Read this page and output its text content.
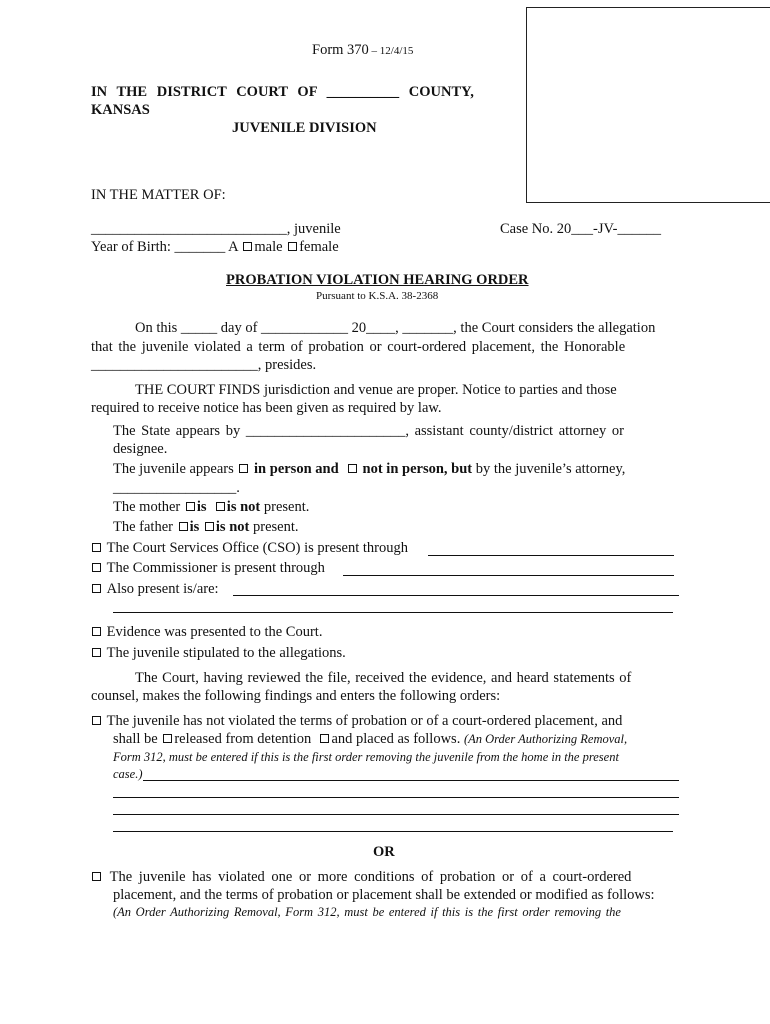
Form 370 – 12/4/15
IN THE DISTRICT COURT OF __________ COUNTY,
KANSAS
JUVENILE DIVISION
IN THE MATTER OF:
___________________________, juvenile	Case No. 20___-JV-______
Year of Birth: _______ A male female
PROBATION VIOLATION HEARING ORDER
Pursuant to K.S.A. 38-2368
On this _____ day of ____________ 20____, _______, the Court considers the allegation
that the juvenile violated a term of probation or court-ordered placement, the Honorable
_______________________, presides.
THE COURT FINDS jurisdiction and venue are proper. Notice to parties and those
required to receive notice has been given as required by law.
The State appears by ______________________, assistant county/district attorney or
designee.
The juvenile appears in person and not in person, but by the juvenile’s attorney,
_________________.
The mother is is not present.
The father is is not present.
The Court Services Office (CSO) is present through
The Commissioner is present through
Also present is/are:
Evidence was presented to the Court.
The juvenile stipulated to the allegations.
The Court, having reviewed the file, received the evidence, and heard statements of
counsel, makes the following findings and enters the following orders:
The juvenile has not violated the terms of probation or of a court-ordered placement, and
shall be released from detention and placed as follows. (An Order Authorizing Removal,
Form 312, must be entered if this is the first order removing the juvenile from the home in the present
case.)
OR
The juvenile has violated one or more conditions of probation or of a court-ordered
placement, and the terms of probation or placement shall be extended or modified as follows:
(An Order Authorizing Removal, Form 312, must be entered if this is the first order removing the
